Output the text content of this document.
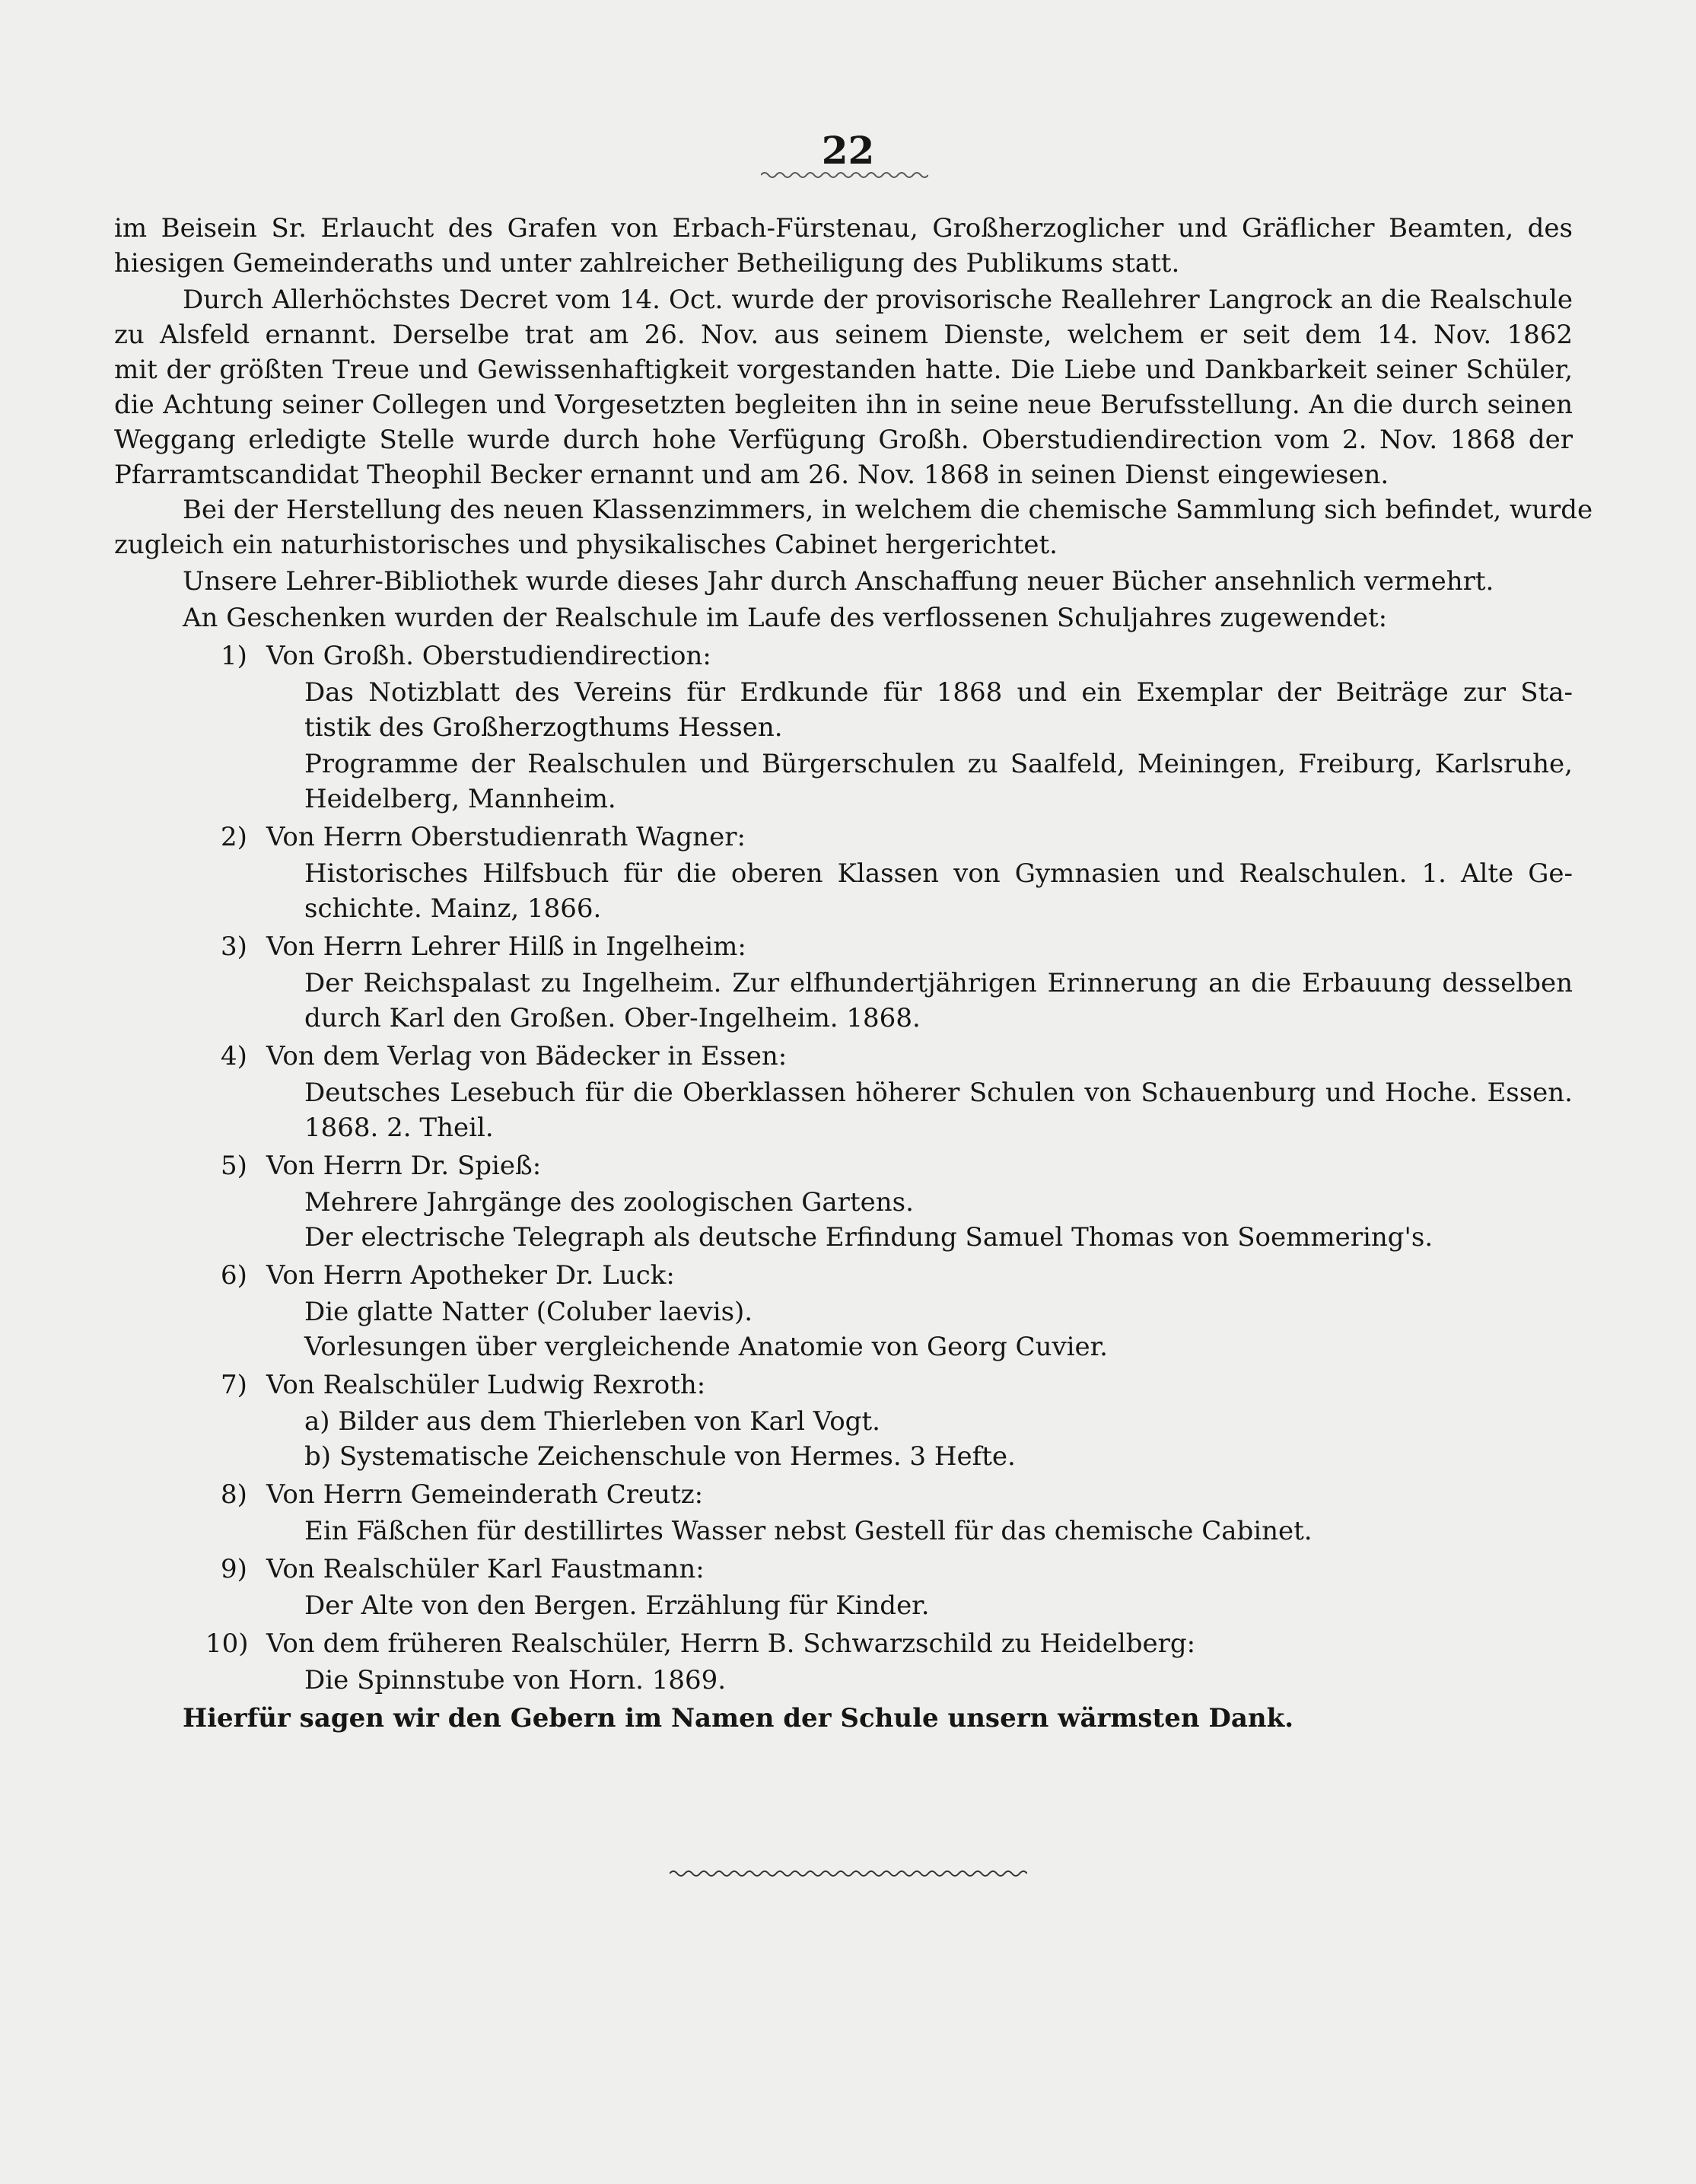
22
im Beisein Sr. Erlaucht des Grafen von Erbach-Fürstenau, Großherzoglicher und Gräflicher Beamten, des
hiesigen Gemeinderaths und unter zahlreicher Betheiligung des Publikums statt.
Durch Allerhöchstes Decret vom 14. Oct. wurde der provisorische Reallehrer Langrock an die Realschule
zu Alsfeld ernannt. Derselbe trat am 26. Nov. aus seinem Dienste, welchem er seit dem 14. Nov. 1862
mit der größten Treue und Gewissenhaftigkeit vorgestanden hatte. Die Liebe und Dankbarkeit seiner Schüler,
die Achtung seiner Collegen und Vorgesetzten begleiten ihn in seine neue Berufsstellung. An die durch seinen
Weggang erledigte Stelle wurde durch hohe Verfügung Großh. Oberstudiendirection vom 2. Nov. 1868 der
Pfarramtscandidat Theophil Becker ernannt und am 26. Nov. 1868 in seinen Dienst eingewiesen.
Bei der Herstellung des neuen Klassenzimmers, in welchem die chemische Sammlung sich befindet, wurde
zugleich ein naturhistorisches und physikalisches Cabinet hergerichtet.
Unsere Lehrer-Bibliothek wurde dieses Jahr durch Anschaffung neuer Bücher ansehnlich vermehrt.
An Geschenken wurden der Realschule im Laufe des verflossenen Schuljahres zugewendet:
1) Von Großh. Oberstudiendirection:
Das Notizblatt des Vereins für Erdkunde für 1868 und ein Exemplar der Beiträge zur Sta-
tistik des Großherzogthums Hessen.
Programme der Realschulen und Bürgerschulen zu Saalfeld, Meiningen, Freiburg, Karlsruhe,
Heidelberg, Mannheim.
2) Von Herrn Oberstudienrath Wagner:
Historisches Hilfsbuch für die oberen Klassen von Gymnasien und Realschulen. 1. Alte Ge-
schichte. Mainz, 1866.
3) Von Herrn Lehrer Hilß in Ingelheim:
Der Reichspalast zu Ingelheim. Zur elfhundertjährigen Erinnerung an die Erbauung desselben
durch Karl den Großen. Ober-Ingelheim. 1868.
4) Von dem Verlag von Bädecker in Essen:
Deutsches Lesebuch für die Oberklassen höherer Schulen von Schauenburg und Hoche. Essen.
1868. 2. Theil.
5) Von Herrn Dr. Spieß:
Mehrere Jahrgänge des zoologischen Gartens.
Der electrische Telegraph als deutsche Erfindung Samuel Thomas von Soemmering's.
6) Von Herrn Apotheker Dr. Luck:
Die glatte Natter (Coluber laevis).
Vorlesungen über vergleichende Anatomie von Georg Cuvier.
7) Von Realschüler Ludwig Rexroth:
a) Bilder aus dem Thierleben von Karl Vogt.
b) Systematische Zeichenschule von Hermes. 3 Hefte.
8) Von Herrn Gemeinderath Creutz:
Ein Fäßchen für destillirtes Wasser nebst Gestell für das chemische Cabinet.
9) Von Realschüler Karl Faustmann:
Der Alte von den Bergen. Erzählung für Kinder.
10) Von dem früheren Realschüler, Herrn B. Schwarzschild zu Heidelberg:
Die Spinnstube von Horn. 1869.
Hierfür sagen wir den Gebern im Namen der Schule unsern wärmsten Dank.
